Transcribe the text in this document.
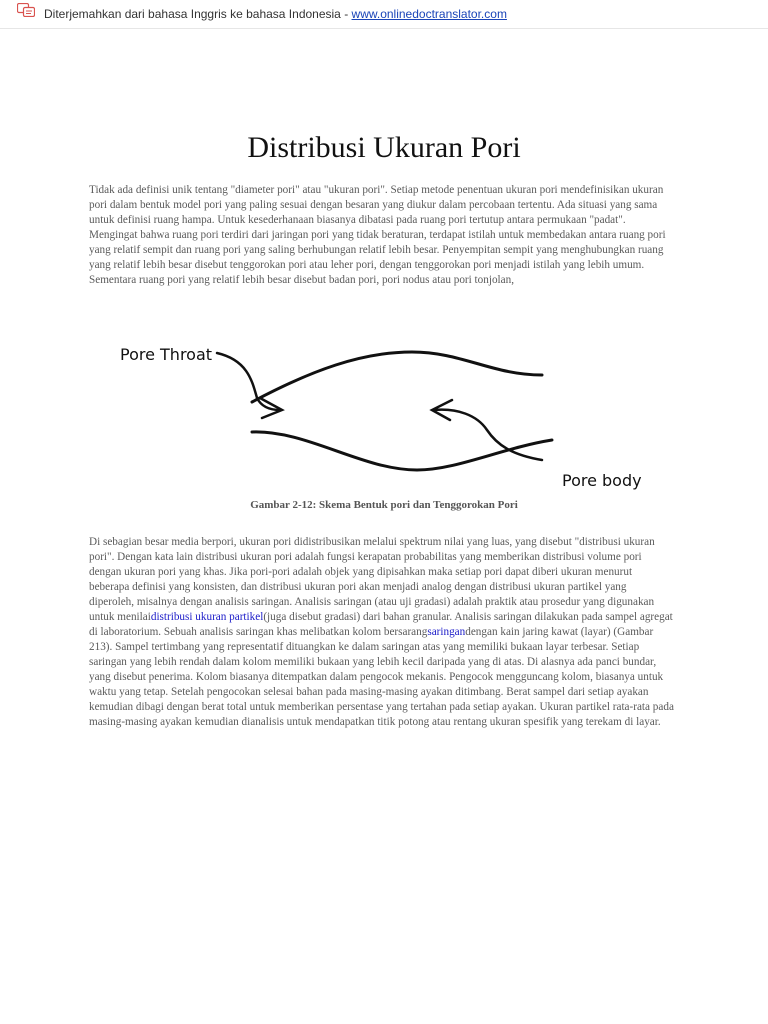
Diterjemahkan dari bahasa Inggris ke bahasa Indonesia - www.onlinedoctranslator.com
Distribusi Ukuran Pori

Tidak ada definisi unik tentang "diameter pori" atau "ukuran pori". Setiap metode penentuan ukuran pori mendefinisikan ukuran pori dalam bentuk model pori yang paling sesuai dengan besaran yang diukur dalam percobaan tertentu. Ada situasi yang sama untuk definisi ruang hampa. Untuk kesederhanaan biasanya dibatasi pada ruang pori tertutup antara permukaan "padat". Mengingat bahwa ruang pori terdiri dari jaringan pori yang tidak beraturan, terdapat istilah untuk membedakan antara ruang pori yang relatif sempit dan ruang pori yang saling berhubungan relatif lebih besar. Penyempitan sempit yang menghubungkan ruang yang relatif lebih besar disebut tenggorokan pori atau leher pori, dengan tenggorokan pori menjadi istilah yang lebih umum. Sementara ruang pori yang relatif lebih besar disebut badan pori, pori nodus atau pori tonjolan,

Pore Throat
Pore body
Gambar 2-12: Skema Bentuk pori dan Tenggorokan Pori

Di sebagian besar media berpori, ukuran pori didistribusikan melalui spektrum nilai yang luas, yang disebut "distribusi ukuran pori". Dengan kata lain distribusi ukuran pori adalah fungsi kerapatan probabilitas yang memberikan distribusi volume pori dengan ukuran pori yang khas. Jika pori-pori adalah objek yang dipisahkan maka setiap pori dapat diberi ukuran menurut beberapa definisi yang konsisten, dan distribusi ukuran pori akan menjadi analog dengan distribusi ukuran partikel yang diperoleh, misalnya dengan analisis saringan. Analisis saringan (atau uji gradasi) adalah praktik atau prosedur yang digunakan untuk menilaidistribusi ukuran partikel(juga disebut gradasi) dari bahan granular. Analisis saringan dilakukan pada sampel agregat di laboratorium. Sebuah analisis saringan khas melibatkan kolom bersarangsaringandengan kain jaring kawat (layar) (Gambar 213). Sampel tertimbang yang representatif dituangkan ke dalam saringan atas yang memiliki bukaan layar terbesar. Setiap saringan yang lebih rendah dalam kolom memiliki bukaan yang lebih kecil daripada yang di atas. Di alasnya ada panci bundar, yang disebut penerima. Kolom biasanya ditempatkan dalam pengocok mekanis. Pengocok mengguncang kolom, biasanya untuk waktu yang tetap. Setelah pengocokan selesai bahan pada masing-masing ayakan ditimbang. Berat sampel dari setiap ayakan kemudian dibagi dengan berat total untuk memberikan persentase yang tertahan pada setiap ayakan. Ukuran partikel rata-rata pada masing-masing ayakan kemudian dianalisis untuk mendapatkan titik potong atau rentang ukuran spesifik yang terekam di layar.
